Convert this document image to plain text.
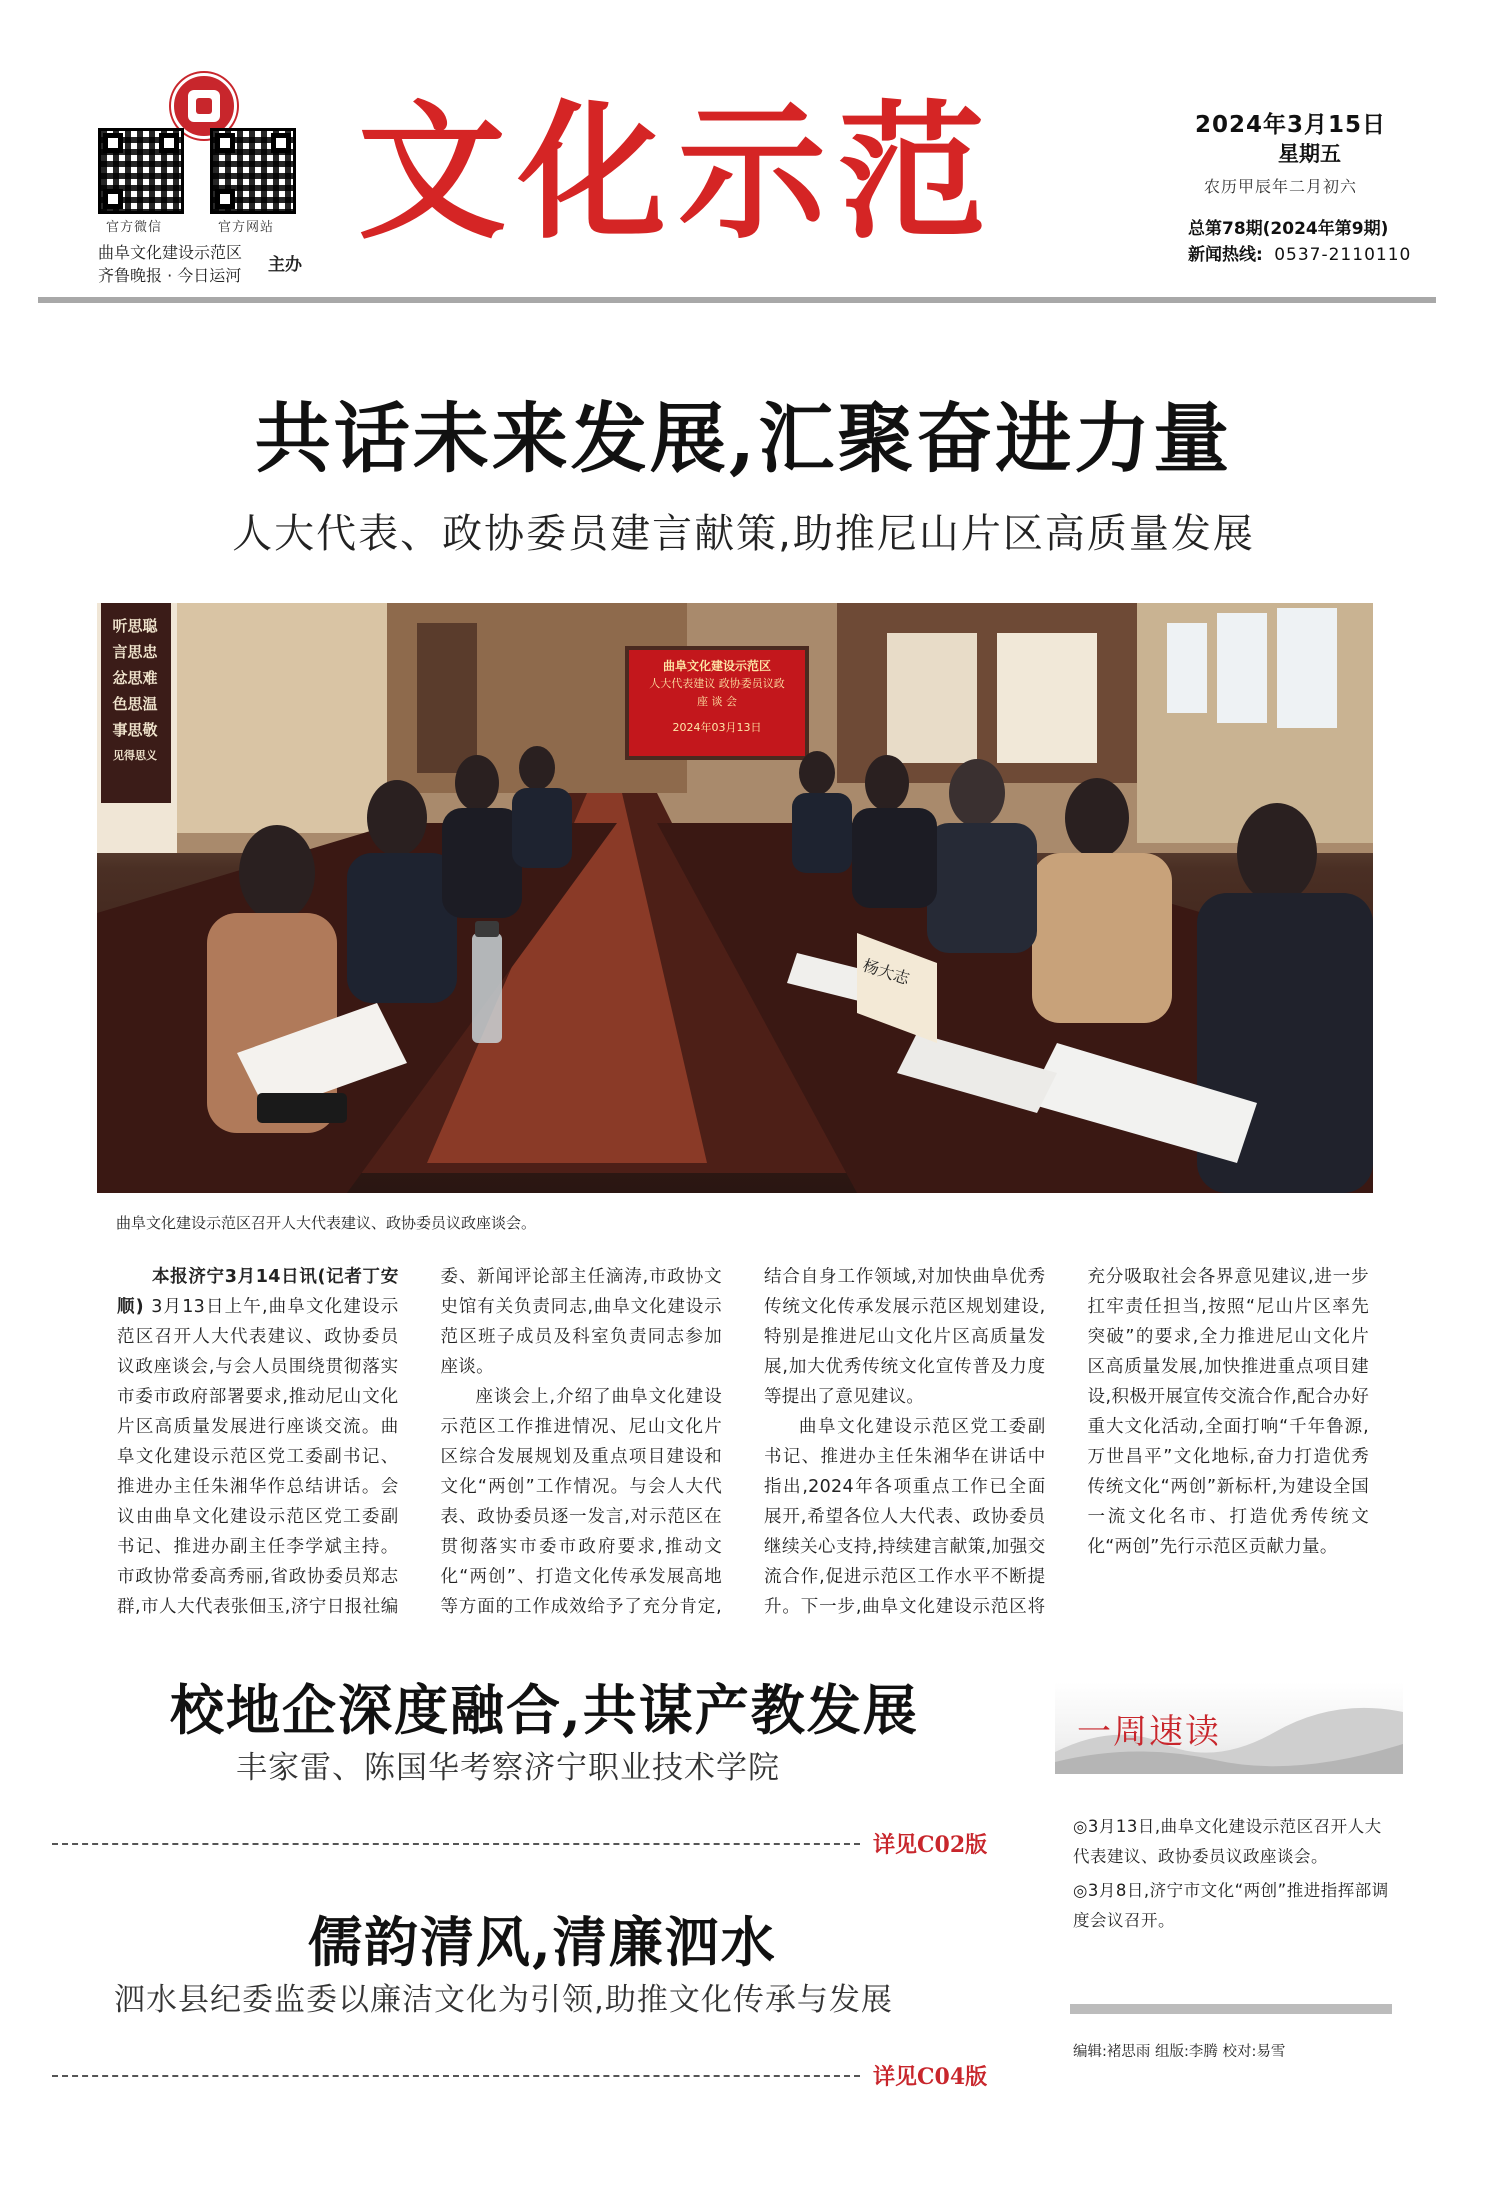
官方微信	官方网站
曲阜文化建设示范区
齐鲁晚报 · 今日运河
主办
文化示范	2024年3月15日
星期五
农历甲辰年二月初六
总第78期(2024年第9期)
新闻热线: 0537-2110110
共话未来发展,汇聚奋进力量
人大代表、政协委员建言献策,助推尼山片区高质量发展
听思聪
言思忠
忿思难
色思温
事思敬
见得思义
曲阜文化建设示范区
人大代表建议 政协委员议政
座 谈 会
2024年03月13日
杨大志
曲阜文化建设示范区召开人大代表建议、政协委员议政座谈会。

本报济宁3月14日讯(记者丁安顺) 3月13日上午,曲阜文化建设示范区召开人大代表建议、政协委员议政座谈会,与会人员围绕贯彻落实市委市政府部署要求,推动尼山文化片区高质量发展进行座谈交流。曲阜文化建设示范区党工委副书记、推进办主任朱湘华作总结讲话。会议由曲阜文化建设示范区党工委副书记、推进办副主任李学斌主持。市政协常委高秀丽,省政协委员郑志群,市人大代表张佃玉,济宁日报社编委、新闻评论部主任滴涛,市政协文史馆有关负责同志,曲阜文化建设示范区班子成员及科室负责同志参加座谈。

座谈会上,介绍了曲阜文化建设示范区工作推进情况、尼山文化片区综合发展规划及重点项目建设和文化“两创”工作情况。与会人大代表、政协委员逐一发言,对示范区在贯彻落实市委市政府要求,推动文化“两创”、打造文化传承发展高地等方面的工作成效给予了充分肯定,结合自身工作领域,对加快曲阜优秀传统文化传承发展示范区规划建设,特别是推进尼山文化片区高质量发展,加大优秀传统文化宣传普及力度等提出了意见建议。

曲阜文化建设示范区党工委副书记、推进办主任朱湘华在讲话中指出,2024年各项重点工作已全面展开,希望各位人大代表、政协委员继续关心支持,持续建言献策,加强交流合作,促进示范区工作水平不断提升。下一步,曲阜文化建设示范区将充分吸取社会各界意见建议,进一步扛牢责任担当,按照“尼山片区率先突破”的要求,全力推进尼山文化片区高质量发展,加快推进重点项目建设,积极开展宣传交流合作,配合办好重大文化活动,全面打响“千年鲁源,万世昌平”文化地标,奋力打造优秀传统文化“两创”新标杆,为建设全国一流文化名市、打造优秀传统文化“两创”先行示范区贡献力量。

校地企深度融合,共谋产教发展
丰家雷、陈国华考察济宁职业技术学院
详见C02版
儒韵清风,清廉泗水
泗水县纪委监委以廉洁文化为引领,助推文化传承与发展
详见C04版
一周速读

◎3月13日,曲阜文化建设示范区召开人大代表建议、政协委员议政座谈会。

◎3月8日,济宁市文化“两创”推进指挥部调度会议召开。

编辑:褚思雨 组版:李腾 校对:易雪
